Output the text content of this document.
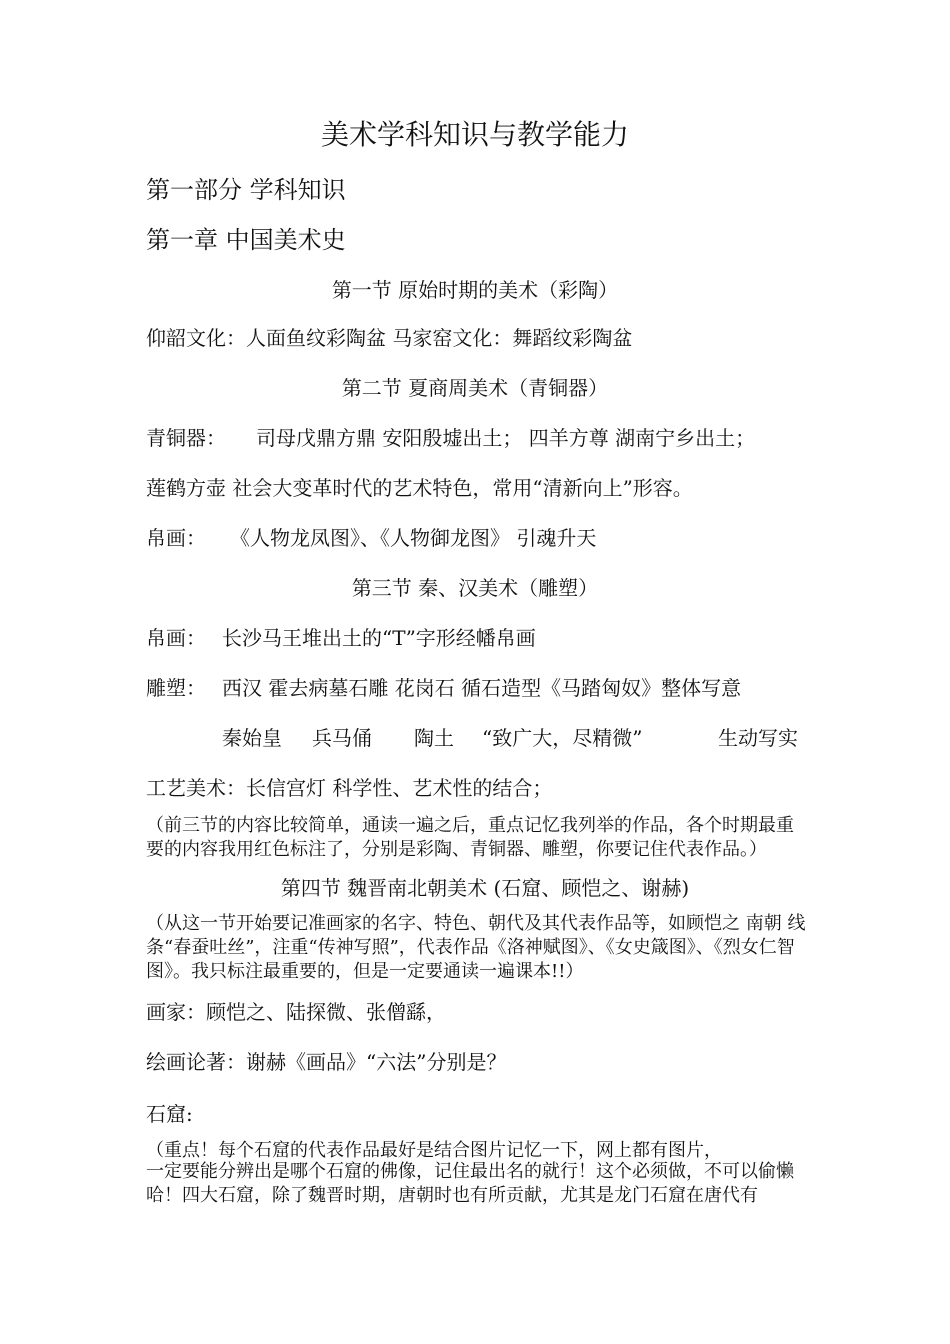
美术学科知识与教学能力
第一部分 学科知识
第一章 中国美术史
第一节 原始时期的美术（彩陶）
仰韶文化：人面鱼纹彩陶盆 马家窑文化：舞蹈纹彩陶盆
第二节 夏商周美术（青铜器）
青铜器： 司母戊鼎方鼎 安阳殷墟出土； 四羊方尊 湖南宁乡出土；
莲鹤方壶 社会大变革时代的艺术特色，常用“清新向上”形容。
帛画： 《人物龙凤图》、《人物御龙图》 引魂升天
第三节 秦、汉美术（雕塑）
帛画： 长沙马王堆出土的“T”字形经幡帛画
雕塑： 西汉 霍去病墓石雕 花岗石 循石造型《马踏匈奴》整体写意
秦始皇 兵马俑 陶土 “致广大，尽精微”	生动写实
工艺美术：长信宫灯 科学性、艺术性的结合；
（前三节的内容比较简单，通读一遍之后，重点记忆我列举的作品，各个时期最重要的内容我用红色标注了，分别是彩陶、青铜器、雕塑，你要记住代表作品。）
第四节 魏晋南北朝美术 (石窟、顾恺之、谢赫)
（从这一节开始要记准画家的名字、特色、朝代及其代表作品等，如顾恺之 南朝 线条“春蚕吐丝”，注重“传神写照”，代表作品《洛神赋图》、《女史箴图》、《烈女仁智图》。我只标注最重要的，但是一定要通读一遍课本!!）
画家：顾恺之、陆探微、张僧繇，
绘画论著：谢赫《画品》“六法”分别是？
石窟:
（重点！每个石窟的代表作品最好是结合图片记忆一下，网上都有图片，
一定要能分辨出是哪个石窟的佛像，记住最出名的就行！这个必须做，不可以偷懒哈！四大石窟，除了魏晋时期，唐朝时也有所贡献，尤其是龙门石窟在唐代有
